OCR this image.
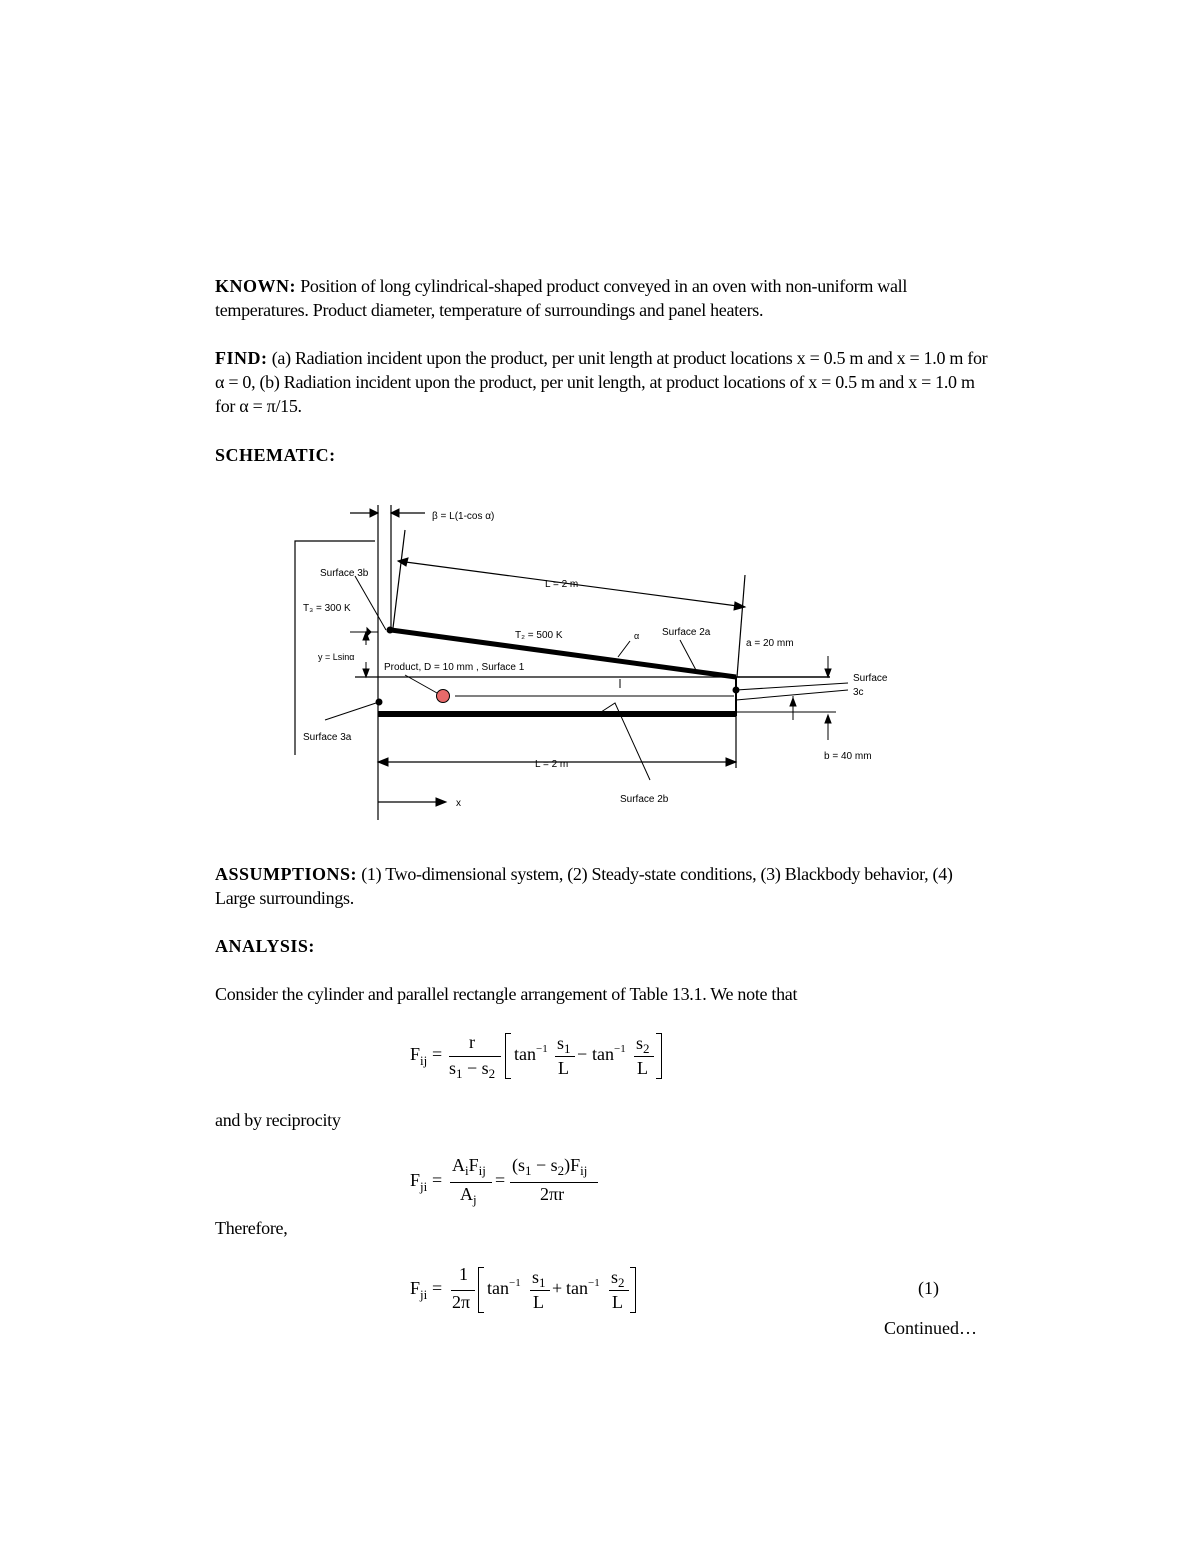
KNOWN: Position of long cylindrical-shaped product conveyed in an oven with non-uniform wall temperatures. Product diameter, temperature of surroundings and panel heaters.
FIND: (a) Radiation incident upon the product, per unit length at product locations x = 0.5 m and x = 1.0 m for α = 0, (b) Radiation incident upon the product, per unit length, at product locations of x = 0.5 m and x = 1.0 m for α = π/15.
SCHEMATIC:
β = L(1-cos α)
L = 2 m
Surface 3b
T₃ = 300 K
T₂ = 500 K	α Surface 2a
a = 20 mm
y = Lsinα
Product, D = 10 mm , Surface 1
Surface
3c
Surface 3a
b = 40 mm
L = 2 m
Surface 2b
x
ASSUMPTIONS: (1) Two-dimensional system, (2) Steady-state conditions, (3) Blackbody behavior, (4) Large surroundings.
ANALYSIS:
Consider the cylinder and parallel rectangle arrangement of Table 13.1. We note that
$F_{ij}$ =
r
$s_1 - s_2$
$\tan^{-1} s_1$
L
− $\tan^{-1} s_2$
L
and by reciprocity
$F_{ji}$ =
$A_iF_{ij}$
$A_j$
=
$(s_1 - s_2)F_{ij}$
2πr
Therefore,
$F_{ji}$ =
1
2π
$\tan^{-1} s_1$
L
+ $\tan^{-1} s_2$
L
(1)
Continued…
